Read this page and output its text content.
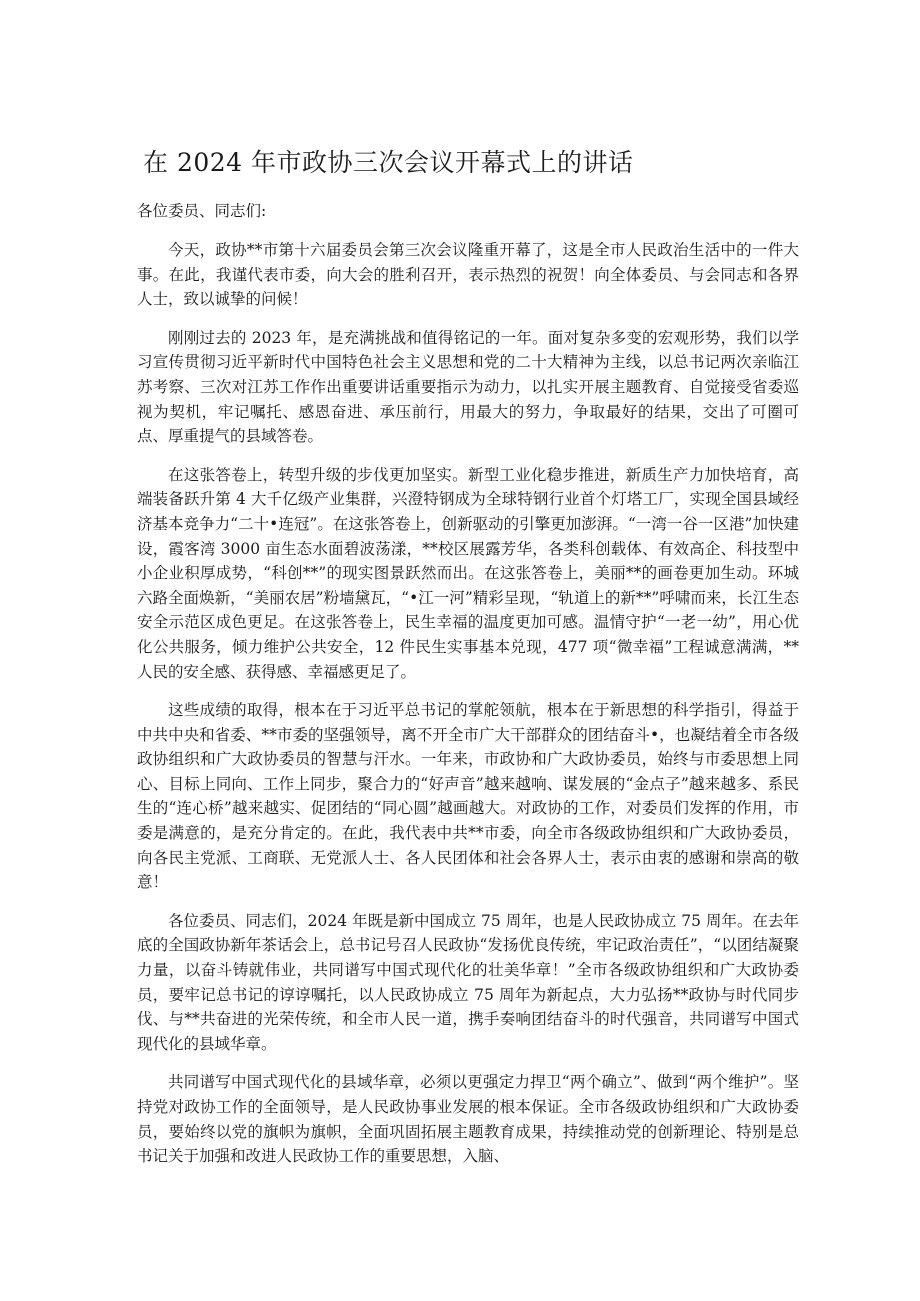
在 2024 年市政协三次会议开幕式上的讲话

各位委员、同志们:

今天，政协**市第十六届委员会第三次会议隆重开幕了，这是全市人民政治生活中的一件大事。在此，我谨代表市委，向大会的胜利召开，表示热烈的祝贺！向全体委员、与会同志和各界人士，致以诚挚的问候！

刚刚过去的 2023 年，是充满挑战和值得铭记的一年。面对复杂多变的宏观形势，我们以学习宣传贯彻习近平新时代中国特色社会主义思想和党的二十大精神为主线，以总书记两次亲临江苏考察、三次对江苏工作作出重要讲话重要指示为动力，以扎实开展主题教育、自觉接受省委巡视为契机，牢记嘱托、感恩奋进、承压前行，用最大的努力，争取最好的结果，交出了可圈可点、厚重提气的县域答卷。

在这张答卷上，转型升级的步伐更加坚实。新型工业化稳步推进，新质生产力加快培育，高端装备跃升第 4 大千亿级产业集群，兴澄特钢成为全球特钢行业首个灯塔工厂，实现全国县域经济基本竞争力“二十•连冠”。在这张答卷上，创新驱动的引擎更加澎湃。“一湾一谷一区港”加快建设，霞客湾 3000 亩生态水面碧波荡漾，**校区展露芳华，各类科创载体、有效高企、科技型中小企业积厚成势，“科创**”的现实图景跃然而出。在这张答卷上，美丽**的画卷更加生动。环城六路全面焕新，“美丽农居”粉墙黛瓦，“•江一河”精彩呈现，“轨道上的新**”呼啸而来，长江生态安全示范区成色更足。在这张答卷上，民生幸福的温度更加可感。温情守护“一老一幼”，用心优化公共服务，倾力维护公共安全，12 件民生实事基本兑现，477 项“微幸福”工程诚意满满，**人民的安全感、获得感、幸福感更足了。

这些成绩的取得，根本在于习近平总书记的掌舵领航，根本在于新思想的科学指引，得益于中共中央和省委、**市委的坚强领导，离不开全市广大干部群众的团结奋斗•，也凝结着全市各级政协组织和广大政协委员的智慧与汗水。一年来，市政协和广大政协委员，始终与市委思想上同心、目标上同向、工作上同步，聚合力的“好声音”越来越响、谋发展的“金点子”越来越多、系民生的“连心桥”越来越实、促团结的“同心圆”越画越大。对政协的工作，对委员们发挥的作用，市委是满意的，是充分肯定的。在此，我代表中共**市委，向全市各级政协组织和广大政协委员，向各民主党派、工商联、无党派人士、各人民团体和社会各界人士，表示由衷的感谢和崇高的敬意！

各位委员、同志们，2024 年既是新中国成立 75 周年，也是人民政协成立 75 周年。在去年底的全国政协新年茶话会上，总书记号召人民政协“发扬优良传统，牢记政治责任”，“以团结凝聚力量，以奋斗铸就伟业，共同谱写中国式现代化的壮美华章！”全市各级政协组织和广大政协委员，要牢记总书记的谆谆嘱托，以人民政协成立 75 周年为新起点，大力弘扬**政协与时代同步伐、与**共奋进的光荣传统，和全市人民一道，携手奏响团结奋斗的时代强音，共同谱写中国式现代化的县域华章。

共同谱写中国式现代化的县域华章，必须以更强定力捍卫“两个确立”、做到“两个维护”。坚持党对政协工作的全面领导，是人民政协事业发展的根本保证。全市各级政协组织和广大政协委员，要始终以党的旗帜为旗帜，全面巩固拓展主题教育成果，持续推动党的创新理论、特别是总书记关于加强和改进人民政协工作的重要思想，入脑、
